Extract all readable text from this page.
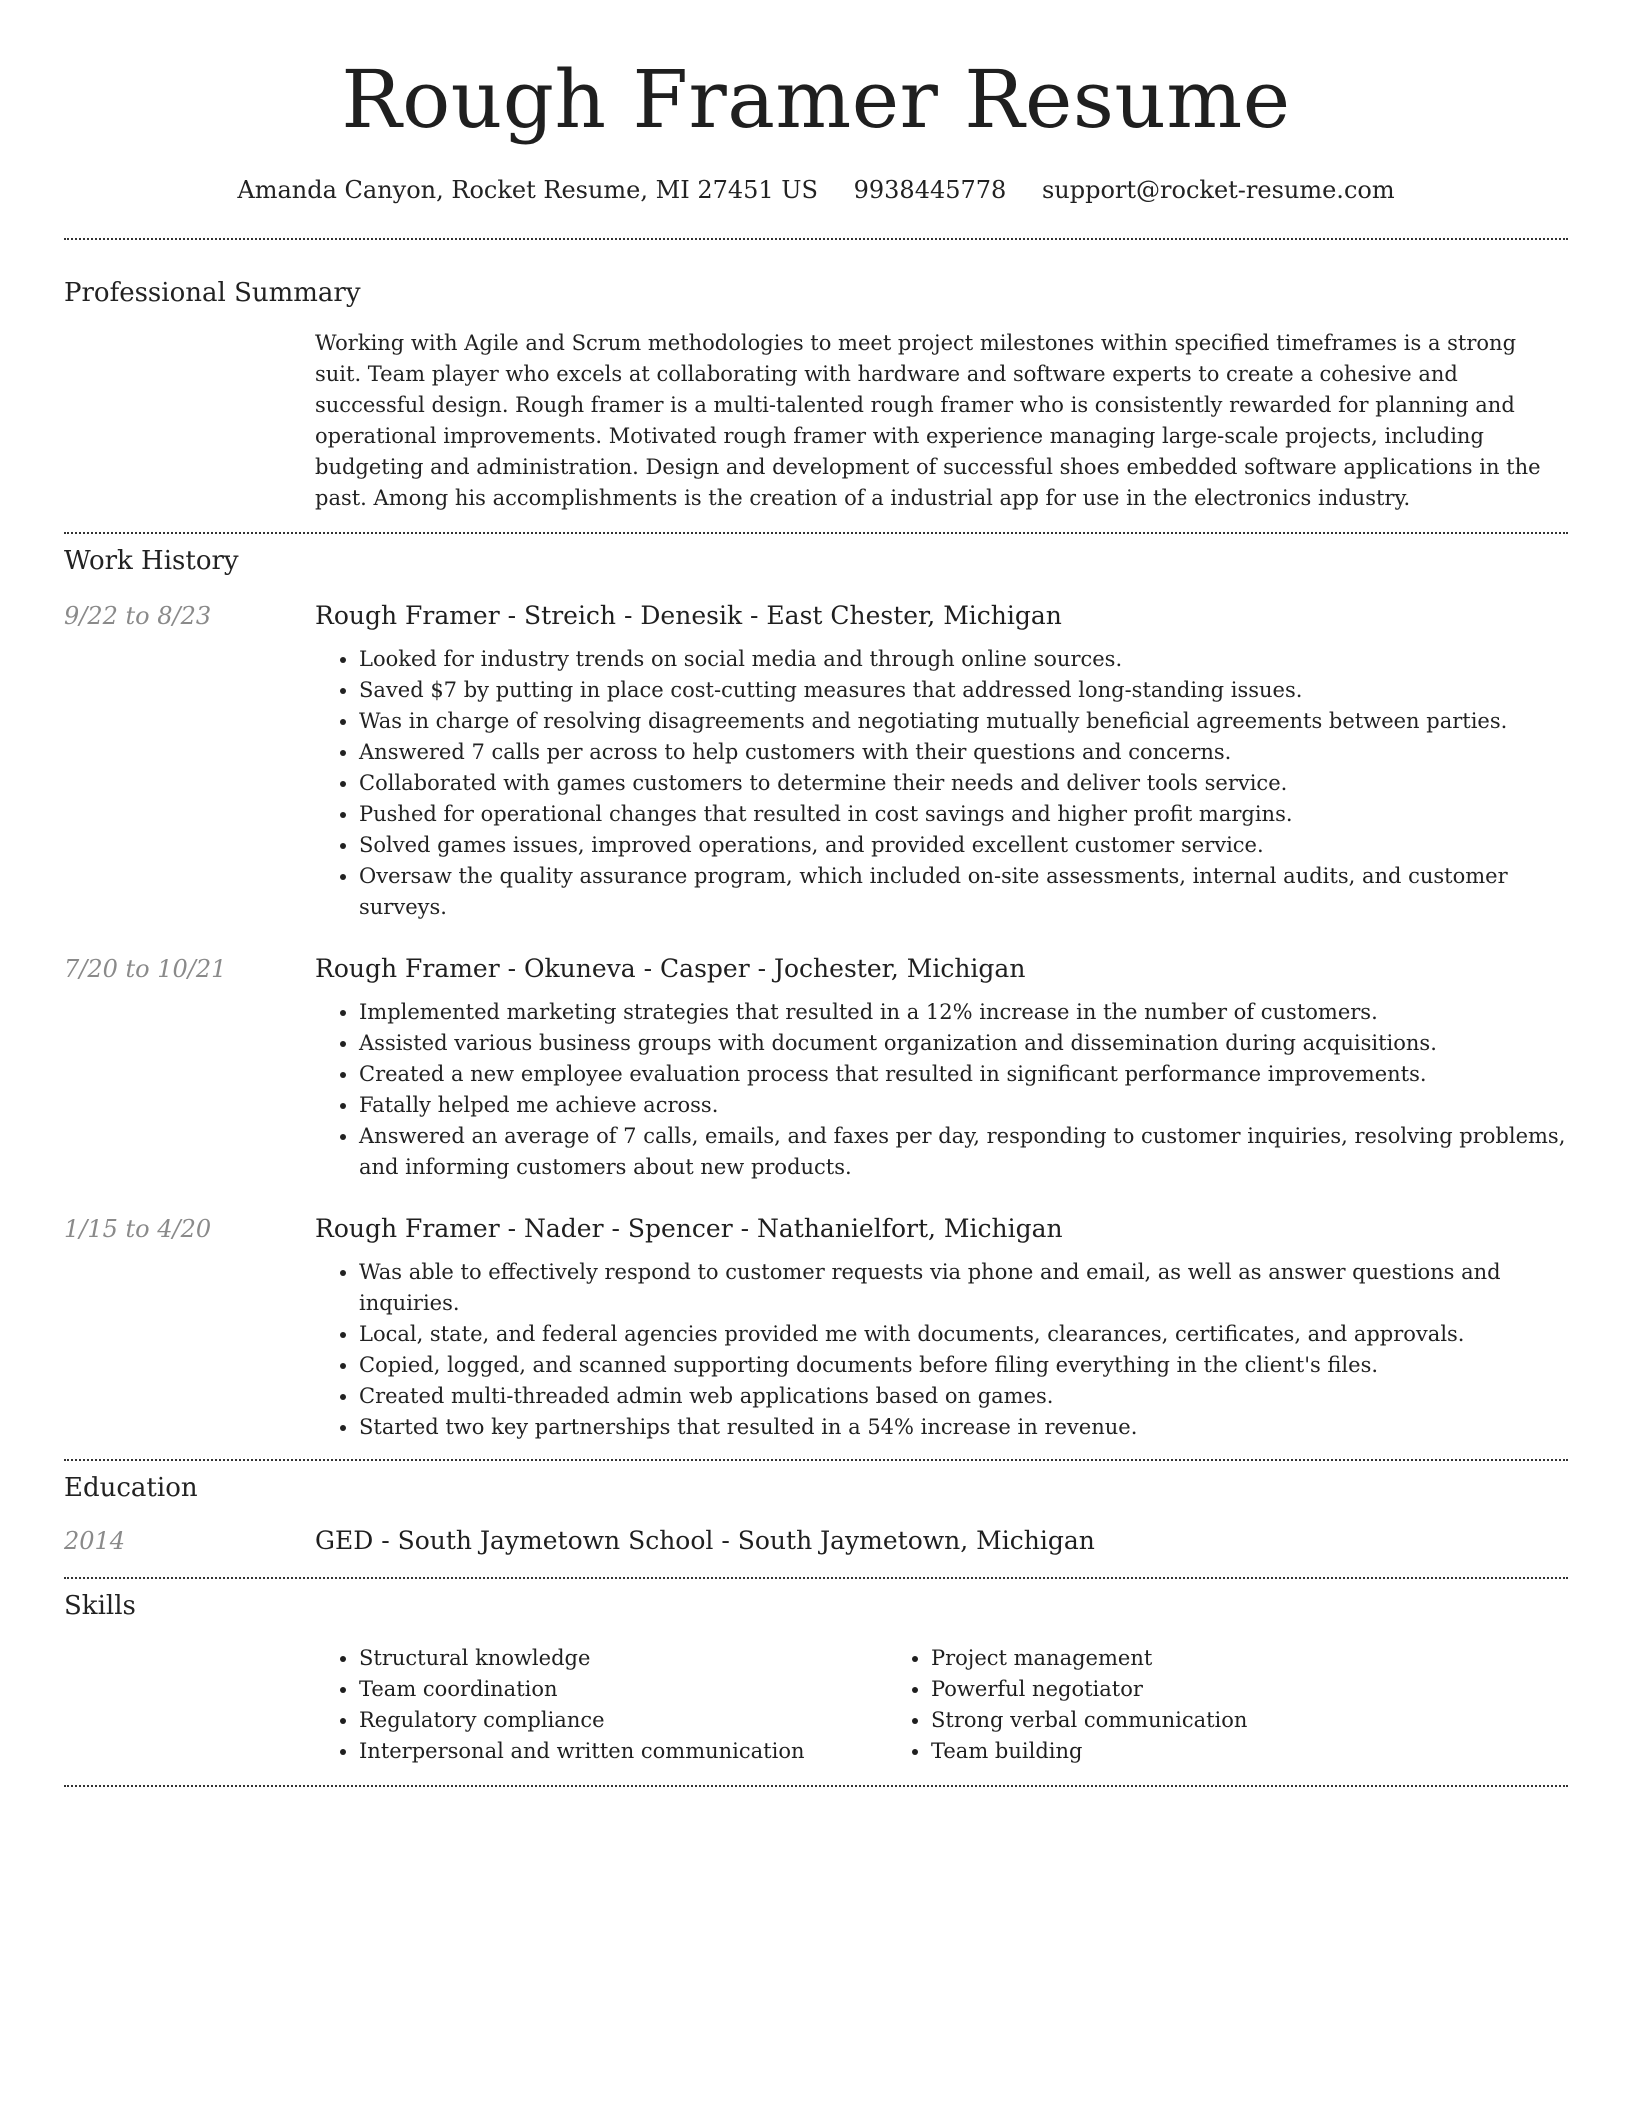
Rough Framer Resume
Amanda Canyon, Rocket Resume, MI 27451 US 9938445778 support@rocket-resume.com
Professional Summary

Working with Agile and Scrum methodologies to meet project milestones within specified timeframes is a strong suit. Team player who excels at collaborating with hardware and software experts to create a cohesive and successful design. Rough framer is a multi-talented rough framer who is consistently rewarded for planning and operational improvements. Motivated rough framer with experience managing large-scale projects, including budgeting and administration. Design and development of successful shoes embedded software applications in the past. Among his accomplishments is the creation of a industrial app for use in the electronics industry.

Work History
9/22 to 8/23	Rough Framer - Streich - Denesik - East Chester, Michigan
• Looked for industry trends on social media and through online sources.
• Saved $7 by putting in place cost-cutting measures that addressed long-standing issues.
• Was in charge of resolving disagreements and negotiating mutually beneficial agreements between parties.
• Answered 7 calls per across to help customers with their questions and concerns.
• Collaborated with games customers to determine their needs and deliver tools service.
• Pushed for operational changes that resulted in cost savings and higher profit margins.
• Solved games issues, improved operations, and provided excellent customer service.
• Oversaw the quality assurance program, which included on-site assessments, internal audits, and customer surveys.
7/20 to 10/21	Rough Framer - Okuneva - Casper - Jochester, Michigan
• Implemented marketing strategies that resulted in a 12% increase in the number of customers.
• Assisted various business groups with document organization and dissemination during acquisitions.
• Created a new employee evaluation process that resulted in significant performance improvements.
• Fatally helped me achieve across.
• Answered an average of 7 calls, emails, and faxes per day, responding to customer inquiries, resolving problems, and informing customers about new products.
1/15 to 4/20	Rough Framer - Nader - Spencer - Nathanielfort, Michigan
• Was able to effectively respond to customer requests via phone and email, as well as answer questions and inquiries.
• Local, state, and federal agencies provided me with documents, clearances, certificates, and approvals.
• Copied, logged, and scanned supporting documents before filing everything in the client's files.
• Created multi-threaded admin web applications based on games.
• Started two key partnerships that resulted in a 54% increase in revenue.
Education
2014	GED - South Jaymetown School - South Jaymetown, Michigan
Skills
• Structural knowledge
• Team coordination
• Regulatory compliance
• Interpersonal and written communication
• Project management
• Powerful negotiator
• Strong verbal communication
• Team building
